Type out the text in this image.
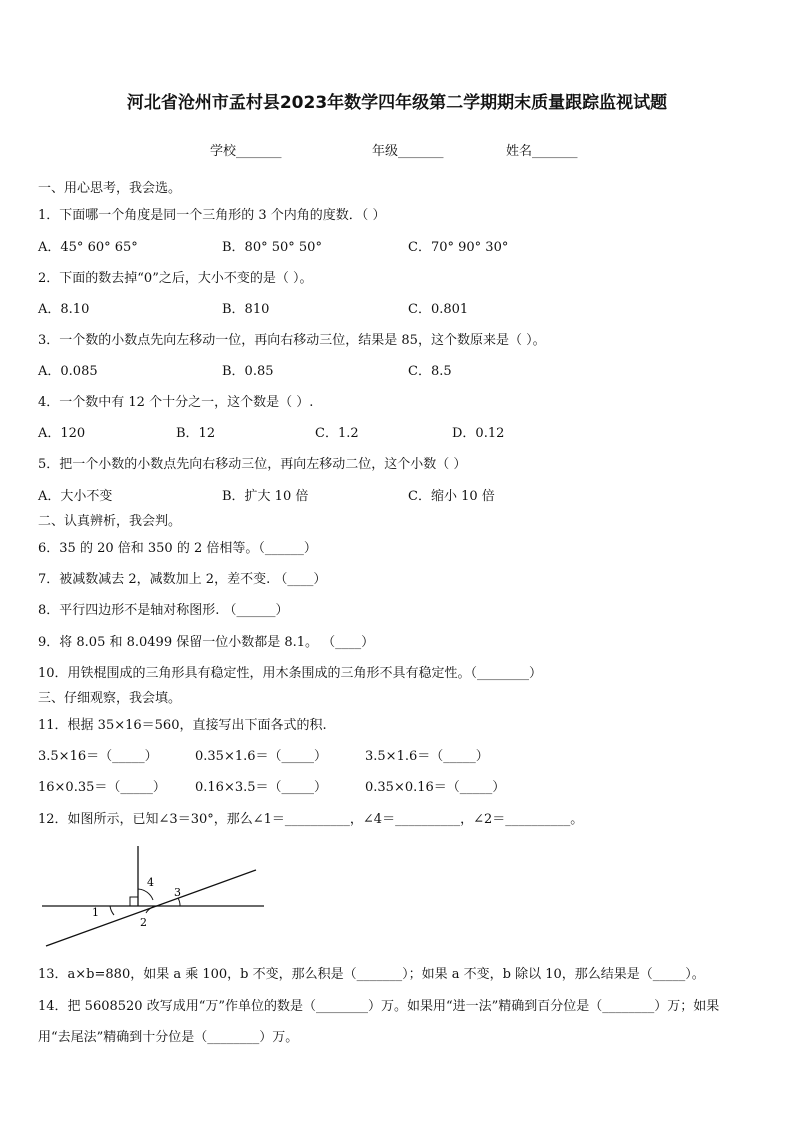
河北省沧州市孟村县2023年数学四年级第二学期期末质量跟踪监视试题
学校_______	年级_______	姓名_______
一、用心思考，我会选。
1．下面哪一个角度是同一个三角形的 3 个内角的度数．（ ）
A．45° 60° 65°	B．80° 50° 50°	C．70° 90° 30°
2．下面的数去掉“0”之后，大小不变的是（ ）。
A．8.10	B．810	C．0.801
3．一个数的小数点先向左移动一位，再向右移动三位，结果是 85，这个数原来是（ ）。
A．0.085	B．0.85	C．8.5
4．一个数中有 12 个十分之一，这个数是（ ）.
A．120	B．12	C．1.2	D．0.12
5．把一个小数的小数点先向右移动三位，再向左移动二位，这个小数（ ）
A．大小不变	B．扩大 10 倍	C．缩小 10 倍
二、认真辨析，我会判。
6．35 的 20 倍和 350 的 2 倍相等。（______）
7．被减数减去 2，减数加上 2，差不变. （____）
8．平行四边形不是轴对称图形. （______）
9．将 8.05 和 8.0499 保留一位小数都是 8.1。 （____）
10．用铁棍围成的三角形具有稳定性，用木条围成的三角形不具有稳定性。（________）
三、仔细观察，我会填。
11．根据 35×16＝560，直接写出下面各式的积.
3.5×16＝（_____）	0.35×1.6＝（_____）	3.5×1.6＝（_____）
16×0.35＝（_____） 0.16×3.5＝（_____）	0.35×0.16＝（_____）
12．如图所示，已知∠3＝30°，那么∠1＝__________，∠4＝__________，∠2＝__________。
1
2
3
4
13．a×b=880，如果 a 乘 100，b 不变，那么积是（_______）；如果 a 不变，b 除以 10，那么结果是（_____）。
14．把 5608520 改写成用“万”作单位的数是（________）万。如果用“进一法”精确到百分位是（________）万；如果
用“去尾法”精确到十分位是（________）万。
